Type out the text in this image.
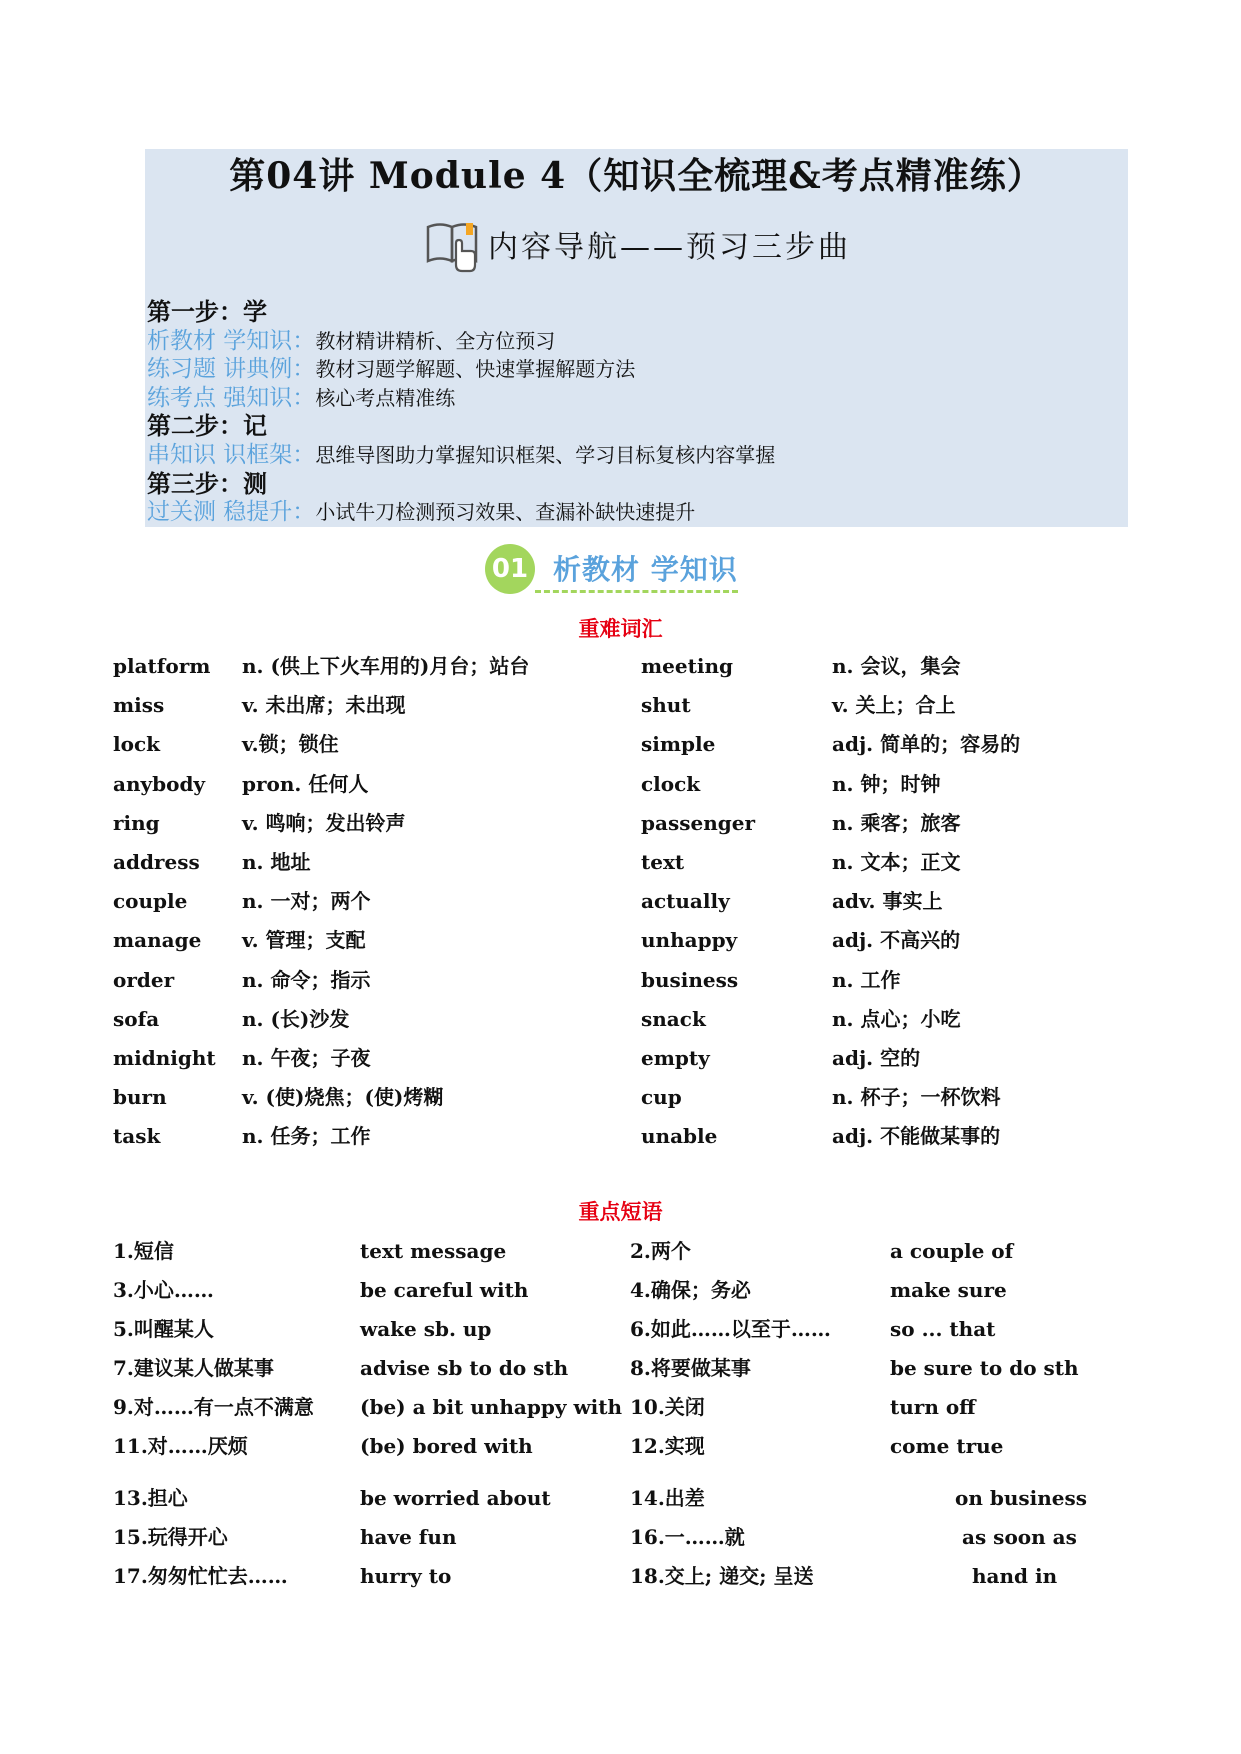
第04讲 Module 4（知识全梳理&考点精准练）
内容导航——预习三步曲
第一步：学
析教材 学知识：教材精讲精析、全方位预习
练习题 讲典例：教材习题学解题、快速掌握解题方法
练考点 强知识：核心考点精准练
第二步：记
串知识 识框架：思维导图助力掌握知识框架、学习目标复核内容掌握
第三步：测
过关测 稳提升：小试牛刀检测预习效果、查漏补缺快速提升
01 析教材 学知识
重难词汇
platform n. (供上下火车用的)月台；站台	meeting	n. 会议，集会
miss	v. 未出席；未出现	shut	v. 关上；合上
lock	v.锁；锁住	simple	adj. 简单的；容易的
anybody pron. 任何人	clock	n. 钟；时钟
ring	v. 鸣响；发出铃声	passenger	n. 乘客；旅客
address n. 地址	text	n. 文本；正文
couple	n. 一对；两个	actually	adv. 事实上
manage v. 管理；支配	unhappy	adj. 不高兴的
order	n. 命令；指示	business	n. 工作
sofa	n. (长)沙发	snack	n. 点心；小吃
midnight n. 午夜；子夜	empty	adj. 空的
burn	v. (使)烧焦；(使)烤糊	cup	n. 杯子；一杯饮料
task	n. 任务；工作	unable	adj. 不能做某事的
重点短语
1.短信	text message	2.两个	a couple of
3.小心……	be careful with	4.确保；务必	make sure
5.叫醒某人	wake sb. up	6.如此……以至于……	so ... that
7.建议某人做某事	advise sb to do sth	8.将要做某事	be sure to do sth
9.对……有一点不满意 (be) a bit unhappy with 10.关闭	turn off
11.对……厌烦	(be) bored with	12.实现	come true
13.担心	be worried about	14.出差	on business
15.玩得开心	have fun	16.一……就	as soon as
17.匆匆忙忙去……	hurry to	18.交上; 递交; 呈送	hand in
